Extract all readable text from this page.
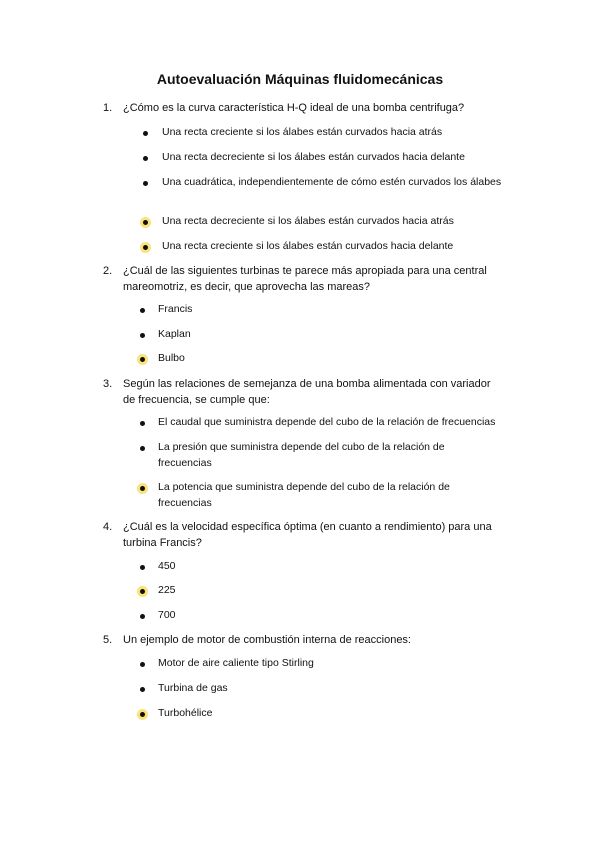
Autoevaluación Máquinas fluidomecánicas
1. ¿Cómo es la curva característica H-Q ideal de una bomba centrifuga?
Una recta creciente si los álabes están curvados hacia atrás
Una recta decreciente si los álabes están curvados hacia delante
Una cuadrática, independientemente de cómo estén curvados los álabes
Una recta decreciente si los álabes están curvados hacia atrás
Una recta creciente si los álabes están curvados hacia delante
2. ¿Cuál de las siguientes turbinas te parece más apropiada para una central mareomotriz, es decir, que aprovecha las mareas?
Francis
Kaplan
Bulbo
3. Según las relaciones de semejanza de una bomba alimentada con variador de frecuencia, se cumple que:
El caudal que suministra depende del cubo de la relación de frecuencias
La presión que suministra depende del cubo de la relación de frecuencias
La potencia que suministra depende del cubo de la relación de frecuencias
4. ¿Cuál es la velocidad específica óptima (en cuanto a rendimiento) para una turbina Francis?
450
225
700
5. Un ejemplo de motor de combustión interna de reacciones:
Motor de aire caliente tipo Stirling
Turbina de gas
Turbohélice
